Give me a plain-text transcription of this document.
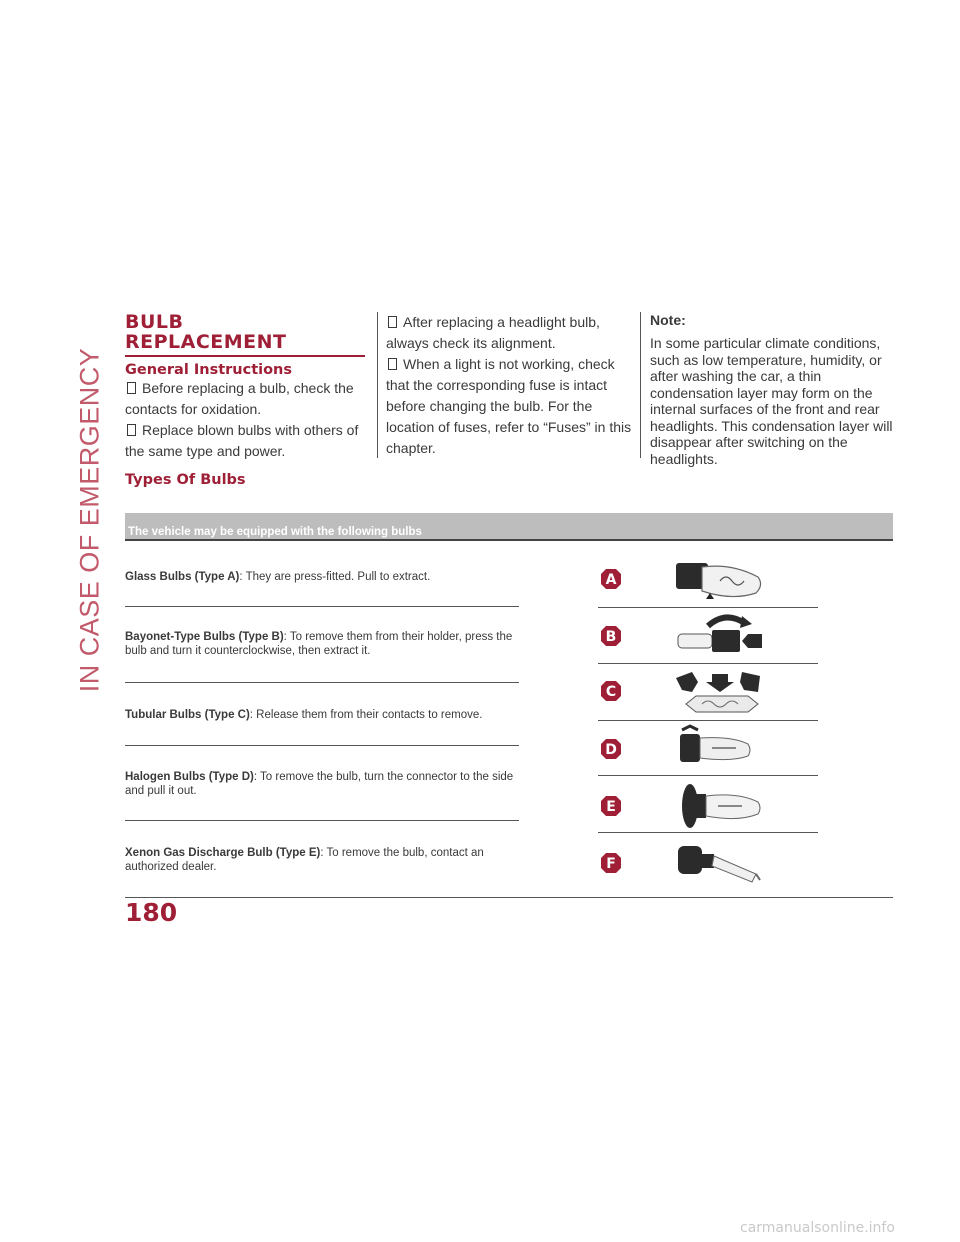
IN CASE OF EMERGENCY
BULB
REPLACEMENT
General Instructions

Before replacing a bulb, check the contacts for oxidation.

Replace blown bulbs with others of the same type and power.

After replacing a headlight bulb, always check its alignment.

When a light is not working, check that the corresponding fuse is intact before changing the bulb. For the location of fuses, refer to “Fuses” in this chapter.

Note:

In some particular climate conditions, such as low temperature, humidity, or after washing the car, a thin condensation layer may form on the internal surfaces of the front and rear headlights. This condensation layer will disappear after switching on the headlights.

Types Of Bulbs
The vehicle may be equipped with the following bulbs
Glass Bulbs (Type A): They are press-fitted. Pull to extract.
Bayonet-Type Bulbs (Type B): To remove them from their holder, press the bulb and turn it counterclockwise, then extract it.
Tubular Bulbs (Type C): Release them from their contacts to remove.
Halogen Bulbs (Type D): To remove the bulb, turn the connector to the side and pull it out.
Xenon Gas Discharge Bulb (Type E): To remove the bulb, contact an authorized dealer.
A
B
C
D
E
F
180
carmanualsonline.info
